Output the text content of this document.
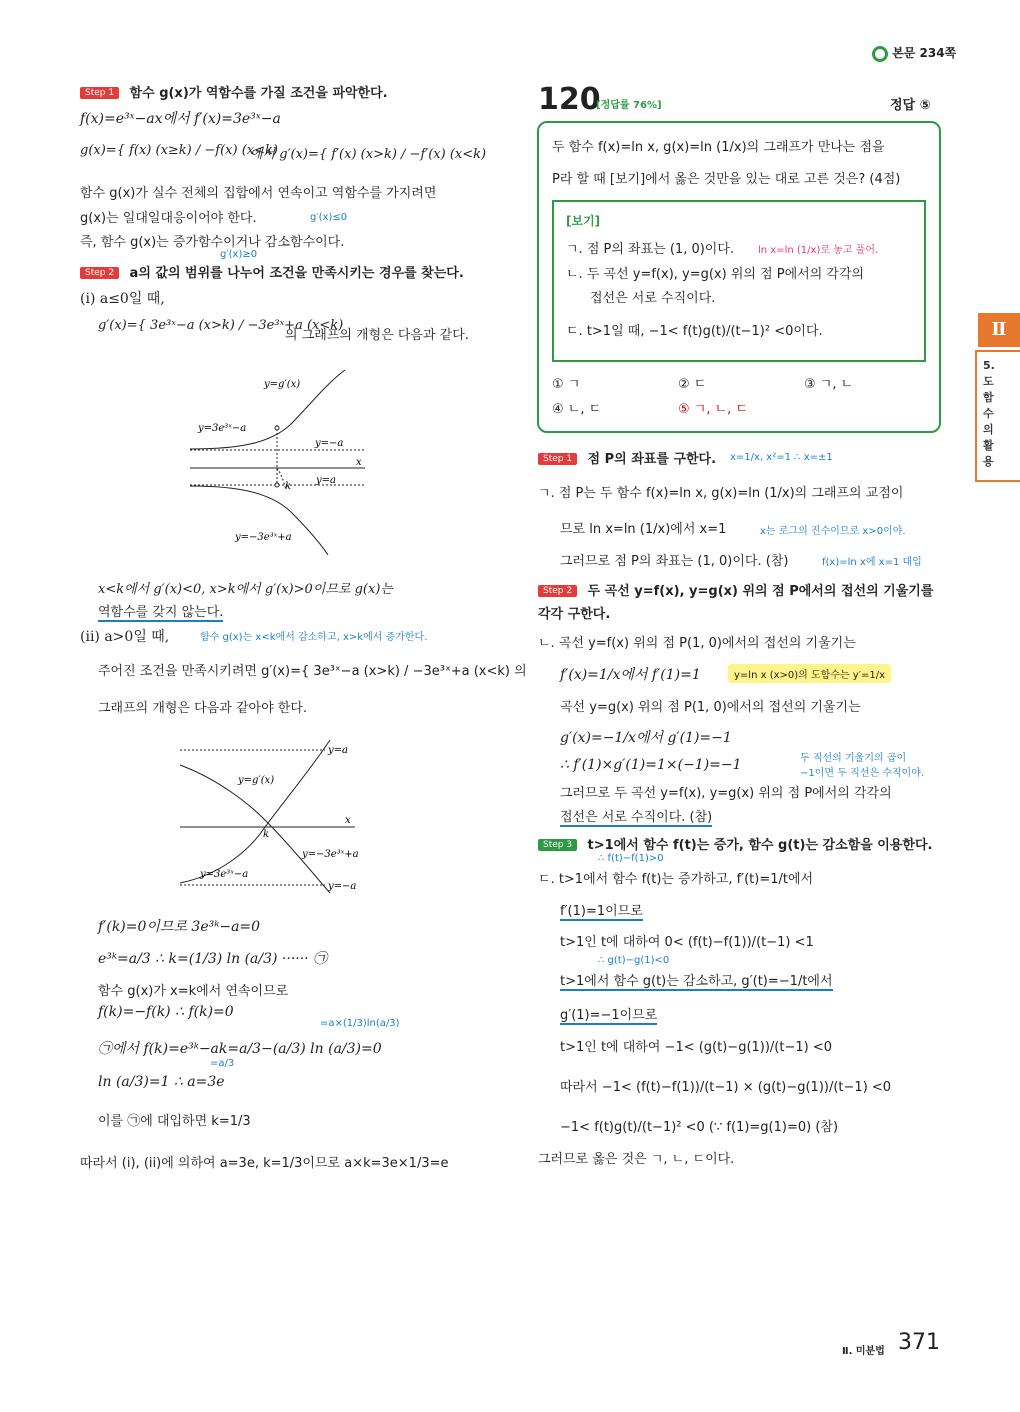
본문 234쪽
Step 1 함수 g(x)가 역함수를 가질 조건을 파악한다.
f(x)=e³ˣ−ax에서 f′(x)=3e³ˣ−a
g(x)={ f(x) (x≥k) / −f(x) (x<k)
에서 g′(x)={ f′(x) (x>k) / −f′(x) (x<k)
함수 g(x)가 실수 전체의 집합에서 연속이고 역함수를 가지려면
g(x)는 일대일대응이어야 한다.	g′(x)≤0
즉, 함수 g(x)는 증가함수이거나 감소함수이다.
g′(x)≥0
Step 2 a의 값의 범위를 나누어 조건을 만족시키는 경우를 찾는다.
(i) a≤0일 때,
g′(x)={ 3e³ˣ−a (x>k) / −3e³ˣ+a (x<k)
의 그래프의 개형은 다음과 같다.
y=g′(x)
y=3e³ˣ−a
y=−a
y=a
y=−3e³ˣ+a
x
k
x<k에서 g′(x)<0, x>k에서 g′(x)>0이므로 g(x)는
역함수를 갖지 않는다.
(ii) a>0일 때,	함수 g(x)는 x<k에서 감소하고, x>k에서 증가한다.
주어진 조건을 만족시키려면 g′(x)={ 3e³ˣ−a (x>k) / −3e³ˣ+a (x<k) 의
그래프의 개형은 다음과 같아야 한다.
y=a
y=g′(x)
y=−3e³ˣ+a
y=3e³ˣ−a
y=−a
x
k
f′(k)=0이므로 3e³ᵏ−a=0
e³ᵏ=a/3 ∴ k=(1/3) ln (a/3) ······ ㉠
함수 g(x)가 x=k에서 연속이므로
f(k)=−f(k) ∴ f(k)=0
=a×(1/3)ln(a/3)
㉠에서 f(k)=e³ᵏ−ak=a/3−(a/3) ln (a/3)=0
=a/3
ln (a/3)=1 ∴ a=3e
이를 ㉠에 대입하면 k=1/3
따라서 (i), (ii)에 의하여 a=3e, k=1/3이므로 a×k=3e×1/3=e
120
[정답률 76%]	정답 ⑤
두 함수 f(x)=ln x, g(x)=ln (1/x)의 그래프가 만나는 점을
P라 할 때 [보기]에서 옳은 것만을 있는 대로 고른 것은? (4점)
[보기]
ㄱ. 점 P의 좌표는 (1, 0)이다. ln x=ln (1/x)로 놓고 풀어.
ㄴ. 두 곡선 y=f(x), y=g(x) 위의 점 P에서의 각각의
접선은 서로 수직이다.
ㄷ. t>1일 때, −1< f(t)g(t)/(t−1)² <0이다.
① ㄱ	② ㄷ	③ ㄱ, ㄴ
④ ㄴ, ㄷ	⑤ ㄱ, ㄴ, ㄷ
Step 1 점 P의 좌표를 구한다. x=1/x, x²=1 ∴ x=±1
ㄱ. 점 P는 두 함수 f(x)=ln x, g(x)=ln (1/x)의 그래프의 교점이
므로 ln x=ln (1/x)에서 x=1	x는 로그의 진수이므로 x>0이야.
그러므로 점 P의 좌표는 (1, 0)이다. (참)	f(x)=ln x에 x=1 대입
Step 2 두 곡선 y=f(x), y=g(x) 위의 점 P에서의 접선의 기울기를
각각 구한다.
ㄴ. 곡선 y=f(x) 위의 점 P(1, 0)에서의 접선의 기울기는
f′(x)=1/x에서 f′(1)=1	y=ln x (x>0)의 도함수는 y′=1/x
곡선 y=g(x) 위의 점 P(1, 0)에서의 접선의 기울기는
g′(x)=−1/x에서 g′(1)=−1
∴ f′(1)×g′(1)=1×(−1)=−1	두 직선의 기울기의 곱이
−1이면 두 직선은 수직이야.
그러므로 두 곡선 y=f(x), y=g(x) 위의 점 P에서의 각각의
접선은 서로 수직이다. (참)
Step 3 t>1에서 함수 f(t)는 증가, 함수 g(t)는 감소함을 이용한다.
∴ f(t)−f(1)>0
ㄷ. t>1에서 함수 f(t)는 증가하고, f′(t)=1/t에서
f′(1)=1이므로
t>1인 t에 대하여 0< (f(t)−f(1))/(t−1) <1
∴ g(t)−g(1)<0
t>1에서 함수 g(t)는 감소하고, g′(t)=−1/t에서
g′(1)=−1이므로
t>1인 t에 대하여 −1< (g(t)−g(1))/(t−1) <0
따라서 −1< (f(t)−f(1))/(t−1) × (g(t)−g(1))/(t−1) <0
−1< f(t)g(t)/(t−1)² <0 (∵ f(1)=g(1)=0) (참)
그러므로 옳은 것은 ㄱ, ㄴ, ㄷ이다.
Ⅱ
5. 도함수의 활용
Ⅱ. 미분법 371
